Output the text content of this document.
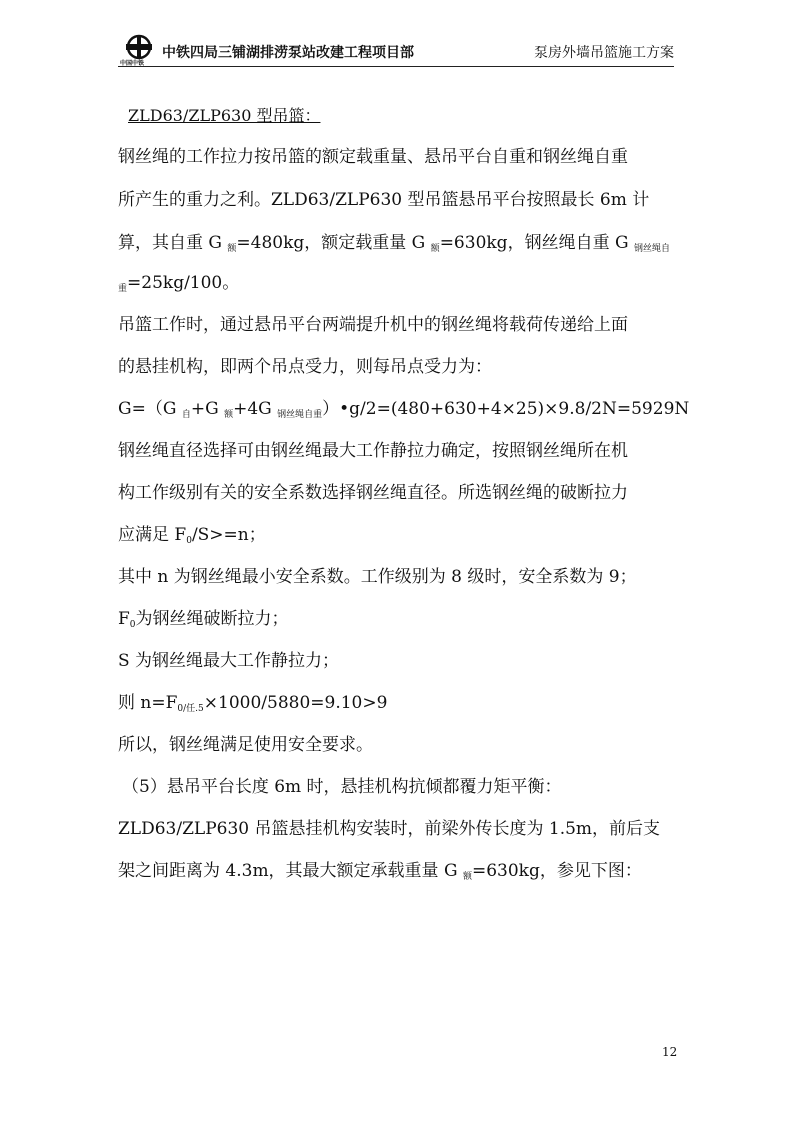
中国中铁
中铁四局三铺湖排涝泵站改建工程项目部	泵房外墙吊篮施工方案
ZLD63/ZLP630 型吊篮：
钢丝绳的工作拉力按吊篮的额定载重量、悬吊平台自重和钢丝绳自重
所产生的重力之利。ZLD63/ZLP630 型吊篮悬吊平台按照最长 6m 计
算，其自重 G $_额$=480kg，额定载重量 G $_额$=630kg，钢丝绳自重 G $_{钢丝绳自}$
$_重$=25kg/100。
吊篮工作时，通过悬吊平台两端提升机中的钢丝绳将载荷传递给上面
的悬挂机构，即两个吊点受力，则每吊点受力为：
G=（G $_自$+G $_额$+4G $_{钢丝绳自重}$）•g/2=(480+630+4×25)×9.8/2N=5929N
钢丝绳直径选择可由钢丝绳最大工作静拉力确定，按照钢丝绳所在机
构工作级别有关的安全系数选择钢丝绳直径。所选钢丝绳的破断拉力
应满足 $F_0/S>=n$；
其中 n 为钢丝绳最小安全系数。工作级别为 8 级时，安全系数为 9；
$F_0$为钢丝绳破断拉力；
S 为钢丝绳最大工作静拉力；
则 $n=F_{0/任.5}\times 1000/5880=9.10>9$
所以，钢丝绳满足使用安全要求。
（5）悬吊平台长度 6m 时，悬挂机构抗倾都覆力矩平衡：
ZLD63/ZLP630 吊篮悬挂机构安装时，前梁外传长度为 1.5m，前后支
架之间距离为 4.3m，其最大额定承载重量 G $_额$=630kg，参见下图：
12
